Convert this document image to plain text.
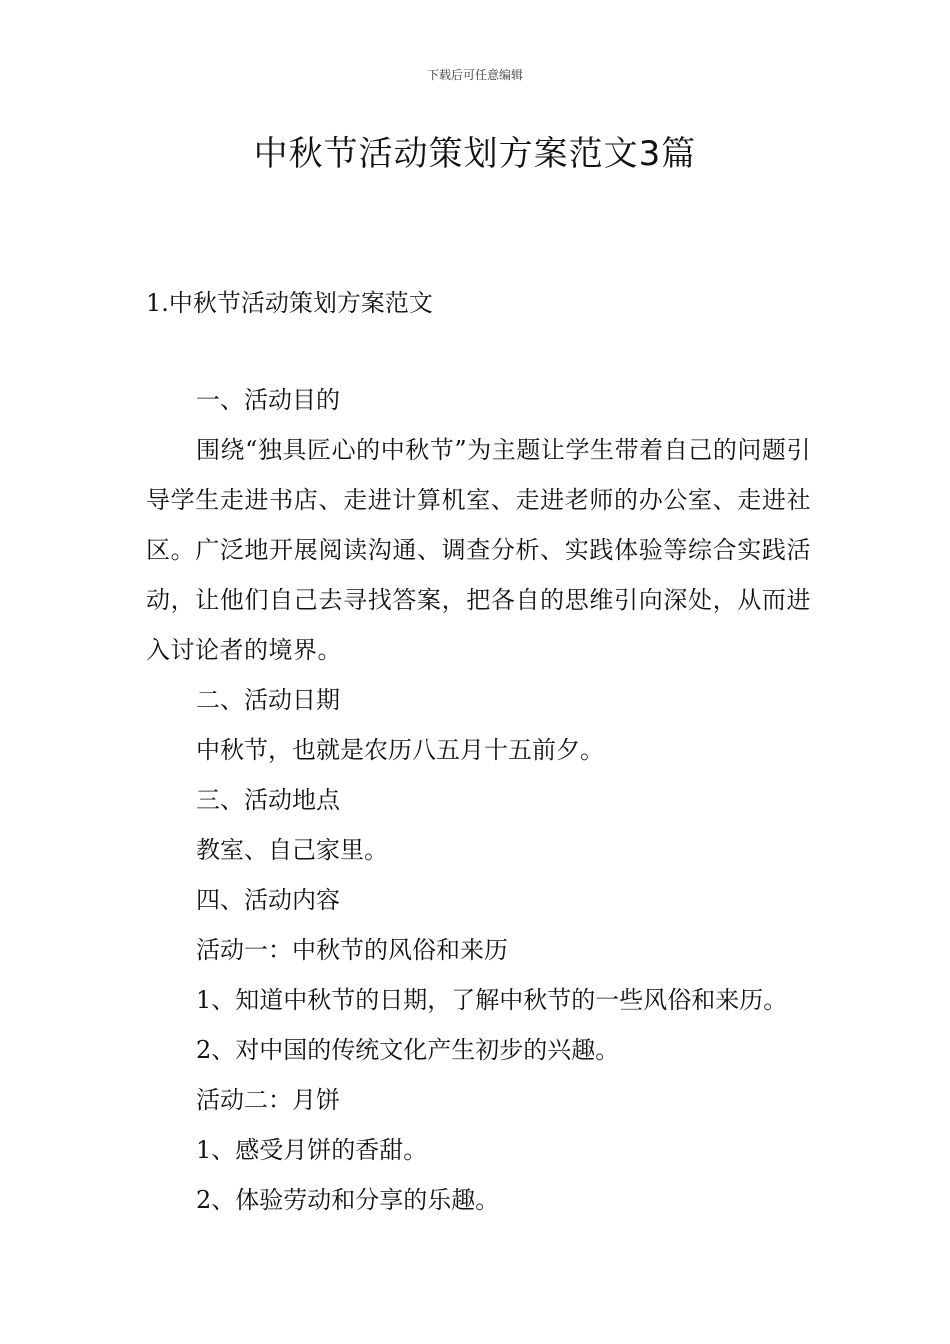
下载后可任意编辑
中秋节活动策划方案范文3篇
1.中秋节活动策划方案范文

一、活动目的

围绕“独具匠心的中秋节”为主题让学生带着自己的问题引导学生走进书店、走进计算机室、走进老师的办公室、走进社区。广泛地开展阅读沟通、调查分析、实践体验等综合实践活动，让他们自己去寻找答案，把各自的思维引向深处，从而进入讨论者的境界。

二、活动日期

中秋节，也就是农历八五月十五前夕。

三、活动地点

教室、自己家里。

四、活动内容

活动一：中秋节的风俗和来历

1、知道中秋节的日期，了解中秋节的一些风俗和来历。

2、对中国的传统文化产生初步的兴趣。

活动二：月饼

1、感受月饼的香甜。

2、体验劳动和分享的乐趣。
